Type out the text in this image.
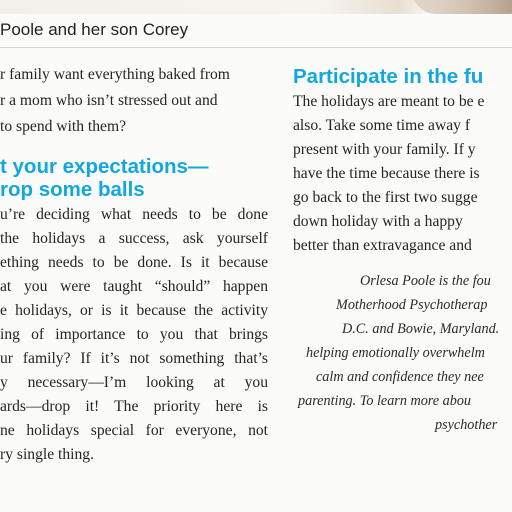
Poole and her son Corey
r family want everything baked from
r a mom who isn’t stressed out and
to spend with them?
t your expectations—
rop some balls
u’re deciding what needs to be done
the holidays a success, ask yourself
ething needs to be done. Is it because
at you were taught “should” happen
e holidays, or is it because the activity
ing of importance to you that brings
ur family? If it’s not something that’s
y necessary—I’m looking at you
ards—drop it! The priority here is
ne holidays special for everyone, not
ry single thing.
Participate in the fu
The holidays are meant to be e
also. Take some time away f
present with your family. If y
have the time because there is
go back to the first two sugge
down holiday with a happy
better than extravagance and
Orlesa Poole is the fou
Motherhood Psychotherap
D.C. and Bowie, Maryland.
helping emotionally overwhelm
calm and confidence they nee
parenting. To learn more abou
psychother
